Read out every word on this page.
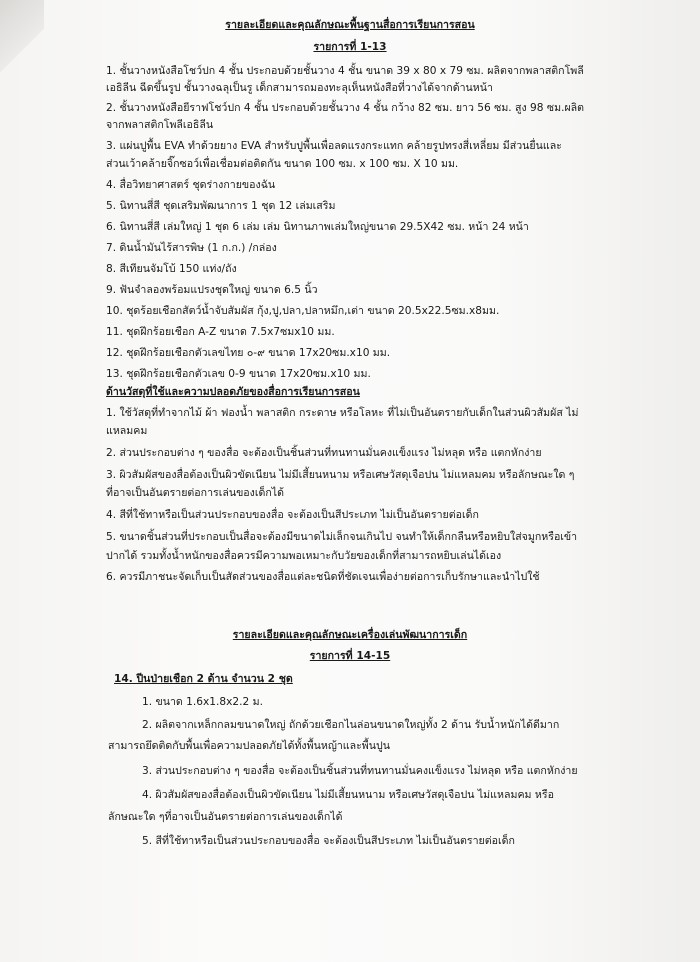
รายละเอียดและคุณลักษณะพื้นฐานสื่อการเรียนการสอน
รายการที่ 1-13
1. ชั้นวางหนังสือโชว์ปก 4 ชั้น ประกอบด้วยชั้นวาง 4 ชั้น ขนาด 39 x 80 x 79 ซม. ผลิตจากพลาสติกโพลี
เอธิลีน ฉีดขึ้นรูป ชั้นวางฉลุเป็นรู เด็กสามารถมองทะลุเห็นหนังสือที่วางได้จากด้านหน้า
2. ชั้นวางหนังสือยีราฟโชว์ปก 4 ชั้น ประกอบด้วยชั้นวาง 4 ชั้น กว้าง 82 ซม. ยาว 56 ซม. สูง 98 ซม.ผลิต
จากพลาสติกโพลีเอธิลีน
3. แผ่นปูพื้น EVA ทำด้วยยาง EVA สำหรับปูพื้นเพื่อลดแรงกระแทก คล้ายรูปทรงสี่เหลี่ยม มีส่วนยื่นและ
ส่วนเว้าคล้ายจิ๊กซอว์เพื่อเชื่อมต่อติดกัน ขนาด 100 ซม. x 100 ซม. X 10 มม.
4. สื่อวิทยาศาสตร์ ชุดร่างกายของฉัน
5. นิทานสี่สี ชุดเสริมพัฒนาการ 1 ชุด 12 เล่มเสริม
6. นิทานสี่สี เล่มใหญ่ 1 ชุด 6 เล่ม เล่ม นิทานภาพเล่มใหญ่ขนาด 29.5X42 ซม. หน้า 24 หน้า
7. ดินน้ำมันไร้สารพิษ (1 ก.ก.) /กล่อง
8. สีเทียนจัมโบ้ 150 แท่ง/ถัง
9. ฟันจำลองพร้อมแปรงชุดใหญ่ ขนาด 6.5 นิ้ว
10. ชุดร้อยเชือกสัตว์น้ำจับสัมผัส กุ้ง,ปู,ปลา,ปลาหมึก,เต่า ขนาด 20.5x22.5ซม.x8มม.
11. ชุดฝึกร้อยเชือก A-Z ขนาด 7.5x7ซมx10 มม.
12. ชุดฝึกร้อยเชือกตัวเลขไทย ๐-๙ ขนาด 17x20ซม.x10 มม.
13. ชุดฝึกร้อยเชือกตัวเลข 0-9 ขนาด 17x20ซม.x10 มม.
ด้านวัสดุที่ใช้และความปลอดภัยของสื่อการเรียนการสอน
1. ใช้วัสดุที่ทำจากไม้ ผ้า ฟองน้ำ พลาสติก กระดาษ หรือโลหะ ที่ไม่เป็นอันตรายกับเด็กในส่วนผิวสัมผัส ไม่
แหลมคม
2. ส่วนประกอบต่าง ๆ ของสื่อ จะต้องเป็นชิ้นส่วนที่ทนทานมั่นคงแข็งแรง ไม่หลุด หรือ แตกหักง่าย
3. ผิวสัมผัสของสื่อต้องเป็นผิวขัดเนียน ไม่มีเสี้ยนหนาม หรือเศษวัสดุเจือปน ไม่แหลมคม หรือลักษณะใด ๆ
ที่อาจเป็นอันตรายต่อการเล่นของเด็กได้
4. สีที่ใช้ทาหรือเป็นส่วนประกอบของสื่อ จะต้องเป็นสีประเภท ไม่เป็นอันตรายต่อเด็ก
5. ขนาดชิ้นส่วนที่ประกอบเป็นสื่อจะต้องมีขนาดไม่เล็กจนเกินไป จนทำให้เด็กกลืนหรือหยิบใส่จมูกหรือเข้า
ปากได้ รวมทั้งน้ำหนักของสื่อควรมีความพอเหมาะกับวัยของเด็กที่สามารถหยิบเล่นได้เอง
6. ควรมีภาชนะจัดเก็บเป็นสัดส่วนของสื่อแต่ละชนิดที่ชัดเจนเพื่อง่ายต่อการเก็บรักษาและนำไปใช้
รายละเอียดและคุณลักษณะเครื่องเล่นพัฒนาการเด็ก
รายการที่ 14-15
14. ปีนป่ายเชือก 2 ด้าน จำนวน 2 ชุด
1. ขนาด 1.6x1.8x2.2 ม.
2. ผลิตจากเหล็กกลมขนาดใหญ่ ถักด้วยเชือกไนล่อนขนาดใหญ่ทั้ง 2 ด้าน รับน้ำหนักได้ดีมาก
สามารถยึดติดกับพื้นเพื่อความปลอดภัยได้ทั้งพื้นหญ้าและพื้นปูน
3. ส่วนประกอบต่าง ๆ ของสื่อ จะต้องเป็นชิ้นส่วนที่ทนทานมั่นคงแข็งแรง ไม่หลุด หรือ แตกหักง่าย
4. ผิวสัมผัสของสื่อต้องเป็นผิวขัดเนียน ไม่มีเสี้ยนหนาม หรือเศษวัสดุเจือปน ไม่แหลมคม หรือ
ลักษณะใด ๆที่อาจเป็นอันตรายต่อการเล่นของเด็กได้
5. สีที่ใช้ทาหรือเป็นส่วนประกอบของสื่อ จะต้องเป็นสีประเภท ไม่เป็นอันตรายต่อเด็ก
